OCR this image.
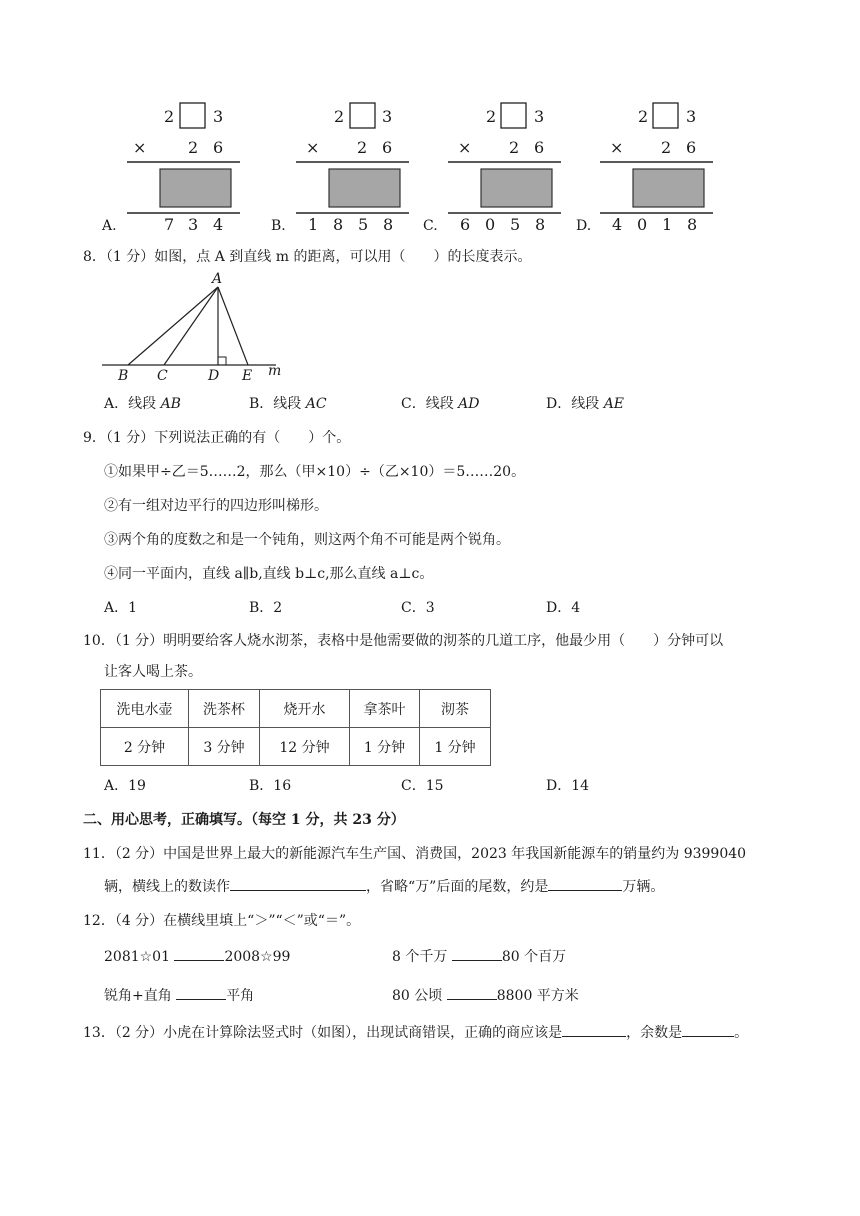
2 3
×	2 6
7 3 4
A.
2 3
× 2 6
1 8 5 8
B.
2 3
× 2 6
6 0 5 8
C.
2 3
× 2 6
4 0 1 8
D.
8．（1 分）如图，点 A 到直线 m 的距离，可以用（　　）的长度表示。
A
B C	D E m
A．线段 AB	B．线段 AC	C．线段 AD	D．线段 AE
9．（1 分）下列说法正确的有（　　）个。
①如果甲÷乙＝5……2，那么（甲×10）÷（乙×10）＝5……20。
②有一组对边平行的四边形叫梯形。
③两个角的度数之和是一个钝角，则这两个角不可能是两个锐角。
④同一平面内，直线 a∥b,直线 b⊥c,那么直线 a⊥c。
A．1	B．2	C．3	D．4
10．（1 分）明明要给客人烧水沏茶，表格中是他需要做的沏茶的几道工序，他最少用（　　）分钟可以
让客人喝上茶。
洗电水壶	洗茶杯	烧开水	拿茶叶	沏茶
2 分钟	3 分钟	12 分钟	1 分钟	1 分钟
A．19	B．16	C．15	D．14
二、用心思考，正确填写。（每空 1 分，共 23 分）
11．（2 分）中国是世界上最大的新能源汽车生产国、消费国，2023 年我国新能源车的销量约为 9399040
辆，横线上的数读作	，省略“万”后面的尾数，约是	万辆。
12．（4 分）在横线里填上“＞”“＜”或“＝”。
2081☆01	2008☆99	8 个千万	80 个百万
锐角+直角	平角	80 公顷	8800 平方米
13．（2 分）小虎在计算除法竖式时（如图），出现试商错误，正确的商应该是	，余数是	。
